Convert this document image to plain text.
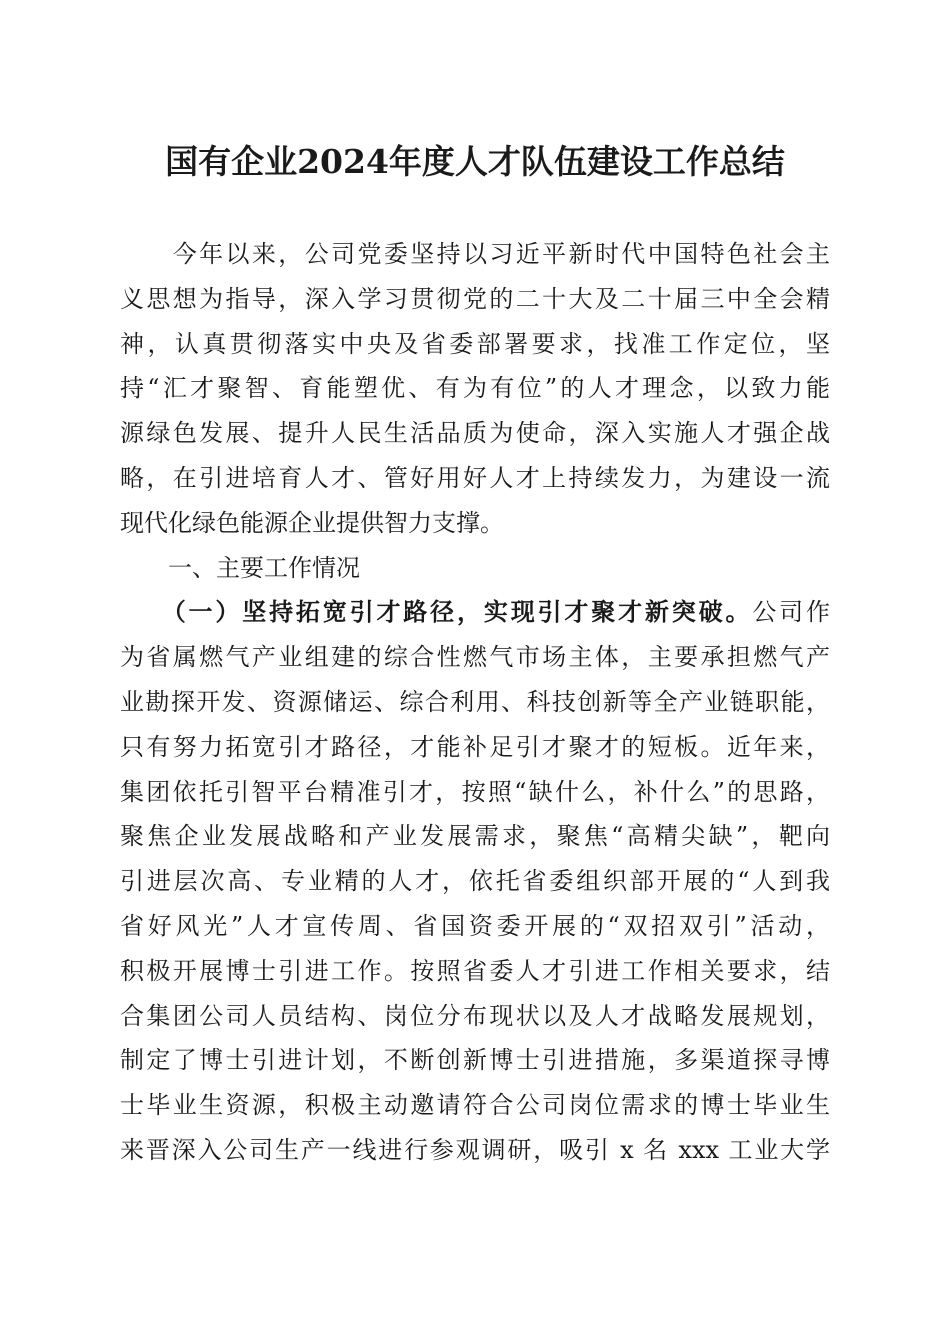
国有企业2024年度人才队伍建设工作总结
　　今年以来，公司党委坚持以习近平新时代中国特色社会主
义思想为指导，深入学习贯彻党的二十大及二十届三中全会精
神，认真贯彻落实中央及省委部署要求，找准工作定位，坚
持“汇才聚智、育能塑优、有为有位”的人才理念，以致力能
源绿色发展、提升人民生活品质为使命，深入实施人才强企战
略，在引进培育人才、管好用好人才上持续发力，为建设一流
现代化绿色能源企业提供智力支撑。
一、主要工作情况
　　（一）坚持拓宽引才路径，实现引才聚才新突破。公司作
为省属燃气产业组建的综合性燃气市场主体，主要承担燃气产
业勘探开发、资源储运、综合利用、科技创新等全产业链职能，
只有努力拓宽引才路径，才能补足引才聚才的短板。近年来，
集团依托引智平台精准引才，按照“缺什么，补什么”的思路，
聚焦企业发展战略和产业发展需求，聚焦“高精尖缺”，靶向
引进层次高、专业精的人才，依托省委组织部开展的“人到我
省好风光”人才宣传周、省国资委开展的“双招双引”活动，
积极开展博士引进工作。按照省委人才引进工作相关要求，结
合集团公司人员结构、岗位分布现状以及人才战略发展规划，
制定了博士引进计划，不断创新博士引进措施，多渠道探寻博
士毕业生资源，积极主动邀请符合公司岗位需求的博士毕业生
来晋深入公司生产一线进行参观调研，吸引 x 名 xxx 工业大学
